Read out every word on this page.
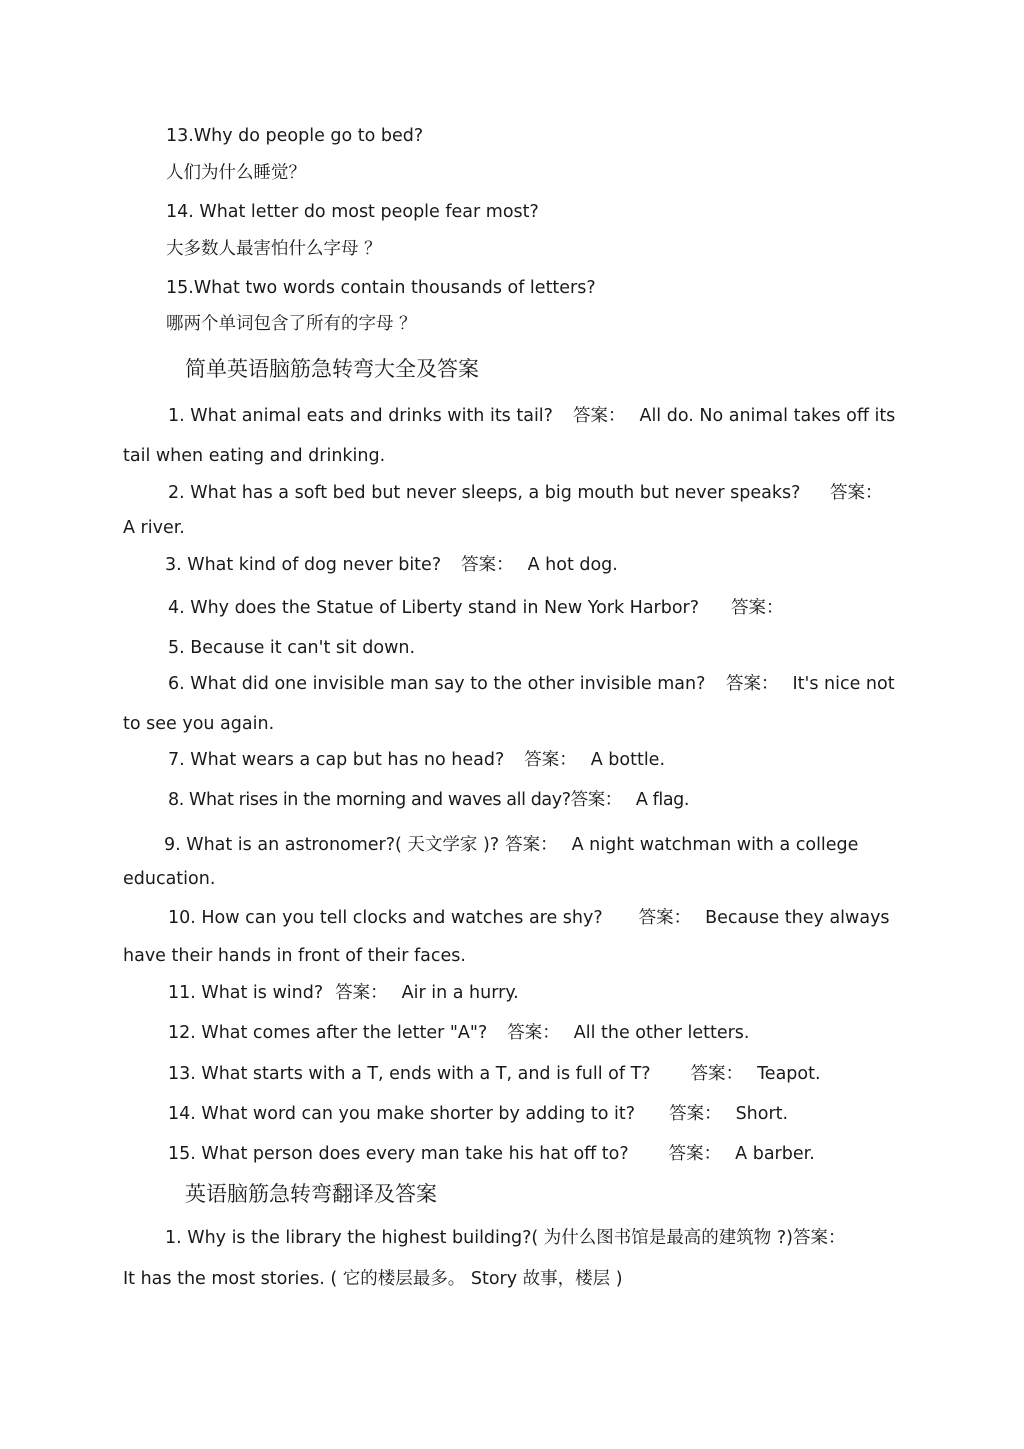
13.Why do people go to bed?
人们为什么睡觉？
14. What letter do most people fear most?
大多数人最害怕什么字母 ？
15.What two words contain thousands of letters?
哪两个单词包含了所有的字母 ？
简单英语脑筋急转弯大全及答案
1. What animal eats and drinks with its tail? 答案： All do. No animal takes off its
tail when eating and drinking.
2. What has a soft bed but never sleeps, a big mouth but never speaks? 答案：
A river.
3. What kind of dog never bite? 答案： A hot dog.
4. Why does the Statue of Liberty stand in New York Harbor? 答案：
5. Because it can't sit down.
6. What did one invisible man say to the other invisible man? 答案： It's nice not
to see you again.
7. What wears a cap but has no head? 答案： A bottle.
8. What rises in the morning and waves all day?答案： A flag.
9. What is an astronomer?( 天文学家 )? 答案： A night watchman with a college
education.
10. How can you tell clocks and watches are shy? 答案： Because they always
have their hands in front of their faces.
11. What is wind? 答案： Air in a hurry.
12. What comes after the letter "A"? 答案： All the other letters.
13. What starts with a T, ends with a T, and is full of T? 答案： Teapot.
14. What word can you make shorter by adding to it? 答案： Short.
15. What person does every man take his hat off to? 答案： A barber.
英语脑筋急转弯翻译及答案
1. Why is the library the highest building?( 为什么图书馆是最高的建筑物 ?)答案：
It has the most stories. ( 它的楼层最多。 Story 故事，楼层 )
